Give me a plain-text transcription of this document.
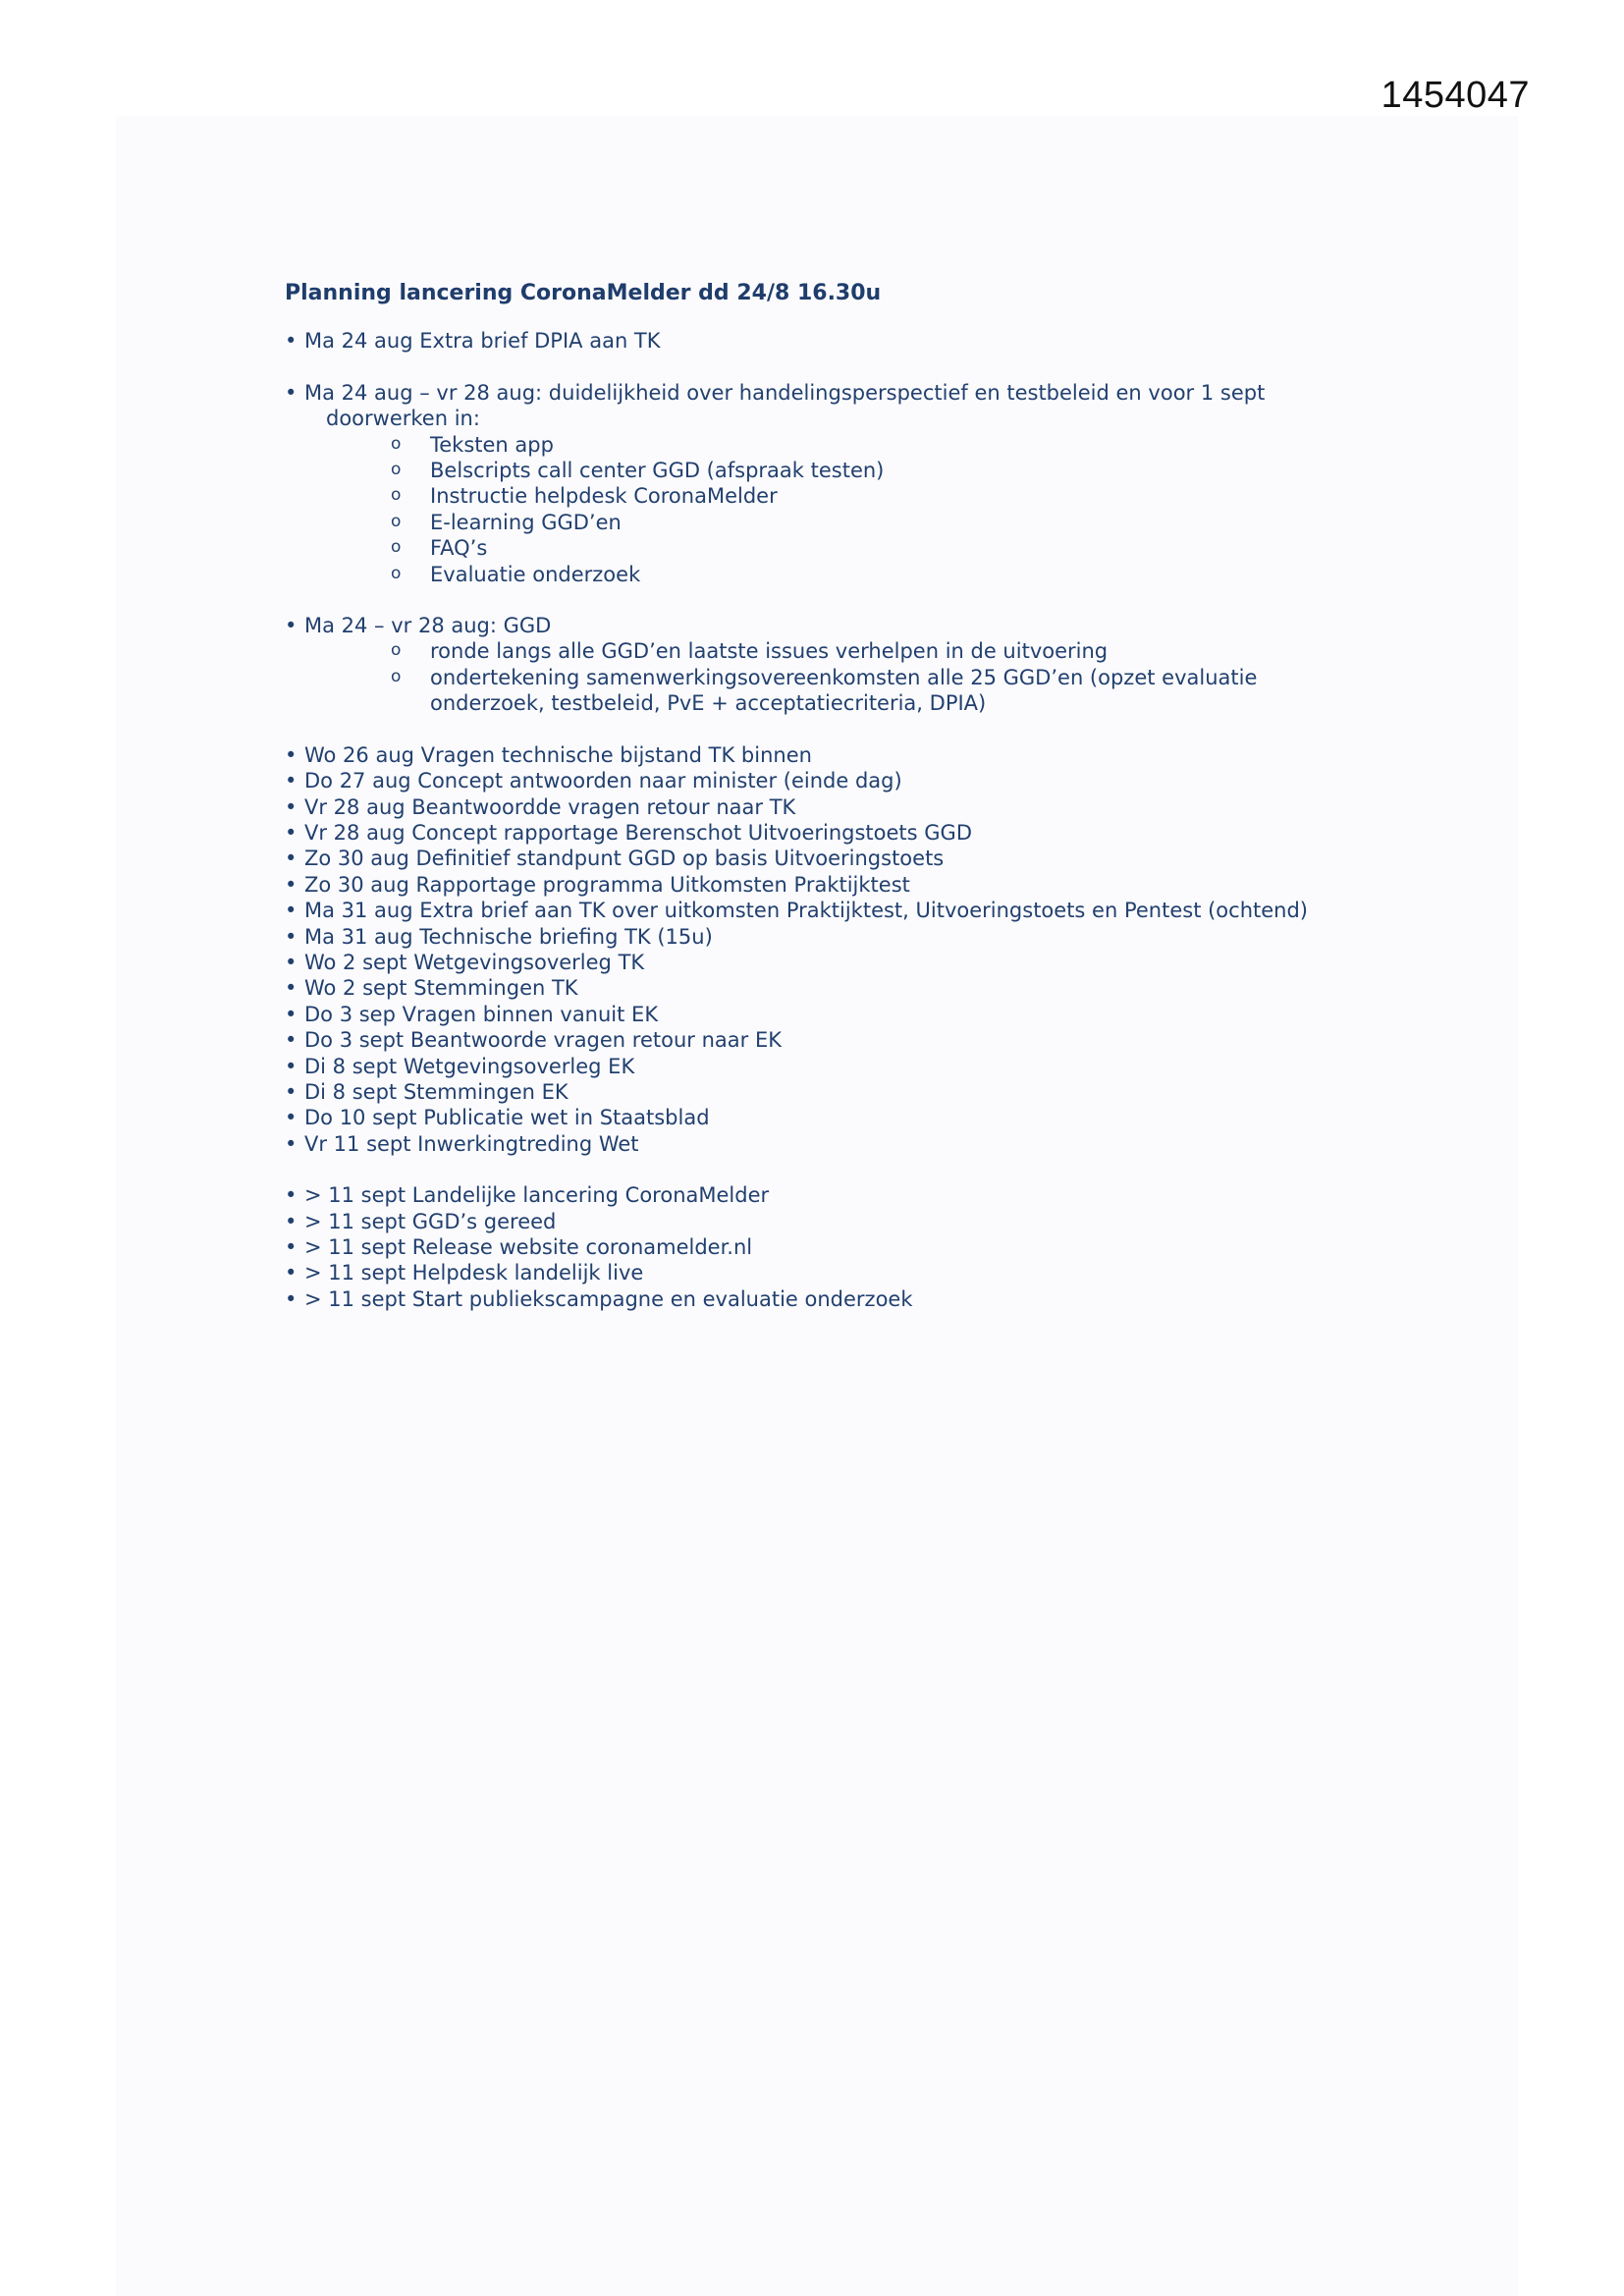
1454047
Planning lancering CoronaMelder dd 24/8 16.30u
• Ma 24 aug Extra brief DPIA aan TK
• Ma 24 aug – vr 28 aug: duidelijkheid over handelingsperspectief en testbeleid en voor 1 sept
doorwerken in:
o Teksten app
o Belscripts call center GGD (afspraak testen)
o Instructie helpdesk CoronaMelder
o E-learning GGD’en
o FAQ’s
o Evaluatie onderzoek
• Ma 24 – vr 28 aug: GGD
o ronde langs alle GGD’en laatste issues verhelpen in de uitvoering
o ondertekening samenwerkingsovereenkomsten alle 25 GGD’en (opzet evaluatie
onderzoek, testbeleid, PvE + acceptatiecriteria, DPIA)
• Wo 26 aug Vragen technische bijstand TK binnen
• Do 27 aug Concept antwoorden naar minister (einde dag)
• Vr 28 aug Beantwoordde vragen retour naar TK
• Vr 28 aug Concept rapportage Berenschot Uitvoeringstoets GGD
• Zo 30 aug Definitief standpunt GGD op basis Uitvoeringstoets
• Zo 30 aug Rapportage programma Uitkomsten Praktijktest
• Ma 31 aug Extra brief aan TK over uitkomsten Praktijktest, Uitvoeringstoets en Pentest (ochtend)
• Ma 31 aug Technische briefing TK (15u)
• Wo 2 sept Wetgevingsoverleg TK
• Wo 2 sept Stemmingen TK
• Do 3 sep Vragen binnen vanuit EK
• Do 3 sept Beantwoorde vragen retour naar EK
• Di 8 sept Wetgevingsoverleg EK
• Di 8 sept Stemmingen EK
• Do 10 sept Publicatie wet in Staatsblad
• Vr 11 sept Inwerkingtreding Wet
• > 11 sept Landelijke lancering CoronaMelder
• > 11 sept GGD’s gereed
• > 11 sept Release website coronamelder.nl
• > 11 sept Helpdesk landelijk live
• > 11 sept Start publiekscampagne en evaluatie onderzoek
